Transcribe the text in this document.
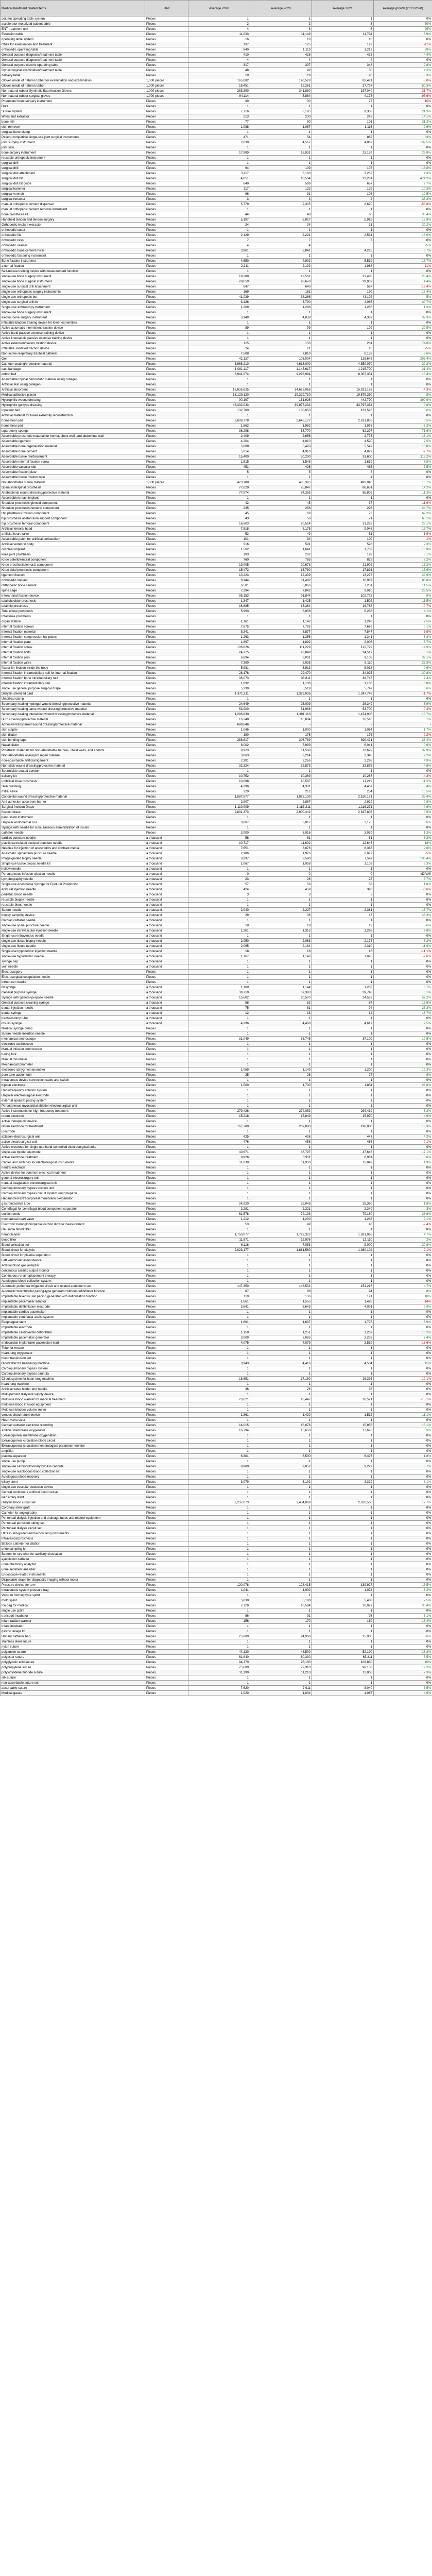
Medical treatment related items	Unit	Average 2020	Average 2020	Average 2021	Average growth (2021/2020)
column operating table system	Pieces	1	1	1	0%
accelerator motorized patient table	Pieces	2	2	3	50%
ENT treatment unit	Pieces	4	3	5	25%
Extension table	Pieces	11,033	11,149	11,794	6.9%
operating table system	Pieces	16	18	16	0%
Chair for examination and treatment	Pieces	137	125	122	-11%
orthopedic operating table	Pieces	940	1,119	1,213	29%
General purpose diagnosis/treatment table	Pieces	410	418	428	4.4%
General purpose diagnosis/treatment table	Pieces	4	4	4	0%
General purpose electric operating table	Pieces	317	307	348	9.8%
Gynecological examination/treatment table	Pieces	48	49	50	4.2%
delivery table	Pieces	19	19	20	5.3%
Gloves made of natural rubber for examination and examination	1,000 pieces	165,082	190,528	82,421	-50%
Gloves made of natural rubber	1,000 pieces	18,451	12,261	27,737	50.3%
Non-natural rubber Synthetic Examination Gloves	1,000 pieces	288,390	341,880	197,040	-31.7%
Non-natural rubber surgical gloves	1,000 pieces	94,114	5,884	4,173	-95.6%
Pneumatic bone surgery instrument	Pieces	30	30	27	-10%
Dura	Pieces	1	1	1	0%
Suture system	Pieces	7,716	8,195	9,363	21.3%
Wires and extractor	Pieces	213	230	243	14.1%
bone mill	Pieces	77	90	101	31.2%
skin remover	Pieces	1,088	1,087	1,116	2.6%
surgical bone clamp	Pieces	1	1	1	0%
Patient-compatible single-use joint surgical instruments	Pieces	471	54	862	83%
joint surgery instrument	Pieces	2,030	4,567	4,862	139.5%
joint saw	Pieces	1	1	1	0%
bone surgery instrument	Pieces	17,980	16,931	23,159	28.8%
reusable orthopedic instrument	Pieces	1	1	1	0%
surgical drill	Pieces	1	1	1	0%
surgical drill	Pieces	94	109	107	13.8%
surgical drill attachment	Pieces	3,117	3,183	3,252	4.3%
surgical drill bit	Pieces	4,051	18,564	23,261	474.2%
surgical drill bit guide	Pieces	640	599	657	2.7%
surgical hammer	Pieces	117	123	129	10.3%
surgical wrench	Pieces	96	91	108	12.5%
surgical retractor	Pieces	3	3	4	33.3%
manual orthopedic cement dispenser	Pieces	5,779	2,305	2,670	-53.8%
manual orthopedic cement removal instrument	Pieces	1	1	1	0%
bone prosthesis kit	Pieces	44	48	60	36.4%
Handheld tendon and tendon surgery	Pieces	5,197	6,017	5,919	13.9%
Orthopedic implant extractor	Pieces	24	34	31	29.2%
orthopedic cutter	Pieces	1	1	1	0%
orthopedic file	Pieces	2,129	2,221	2,531	18.9%
orthopedic rasp	Pieces	7	7	7	0%
orthopedic reamer	Pieces	4	4	5	25%
orthopedic bone cement mixer	Pieces	3,961	3,841	4,225	6.7%
orthopedic fastening instrument	Pieces	1	1	1	0%
Bone fixation instrument	Pieces	4,650	4,902	5,519	18.7%
external fixation	Pieces	2,211	2,192	1,968	-11%
Self-rescue training device with measurement function	Pieces	1	1	1	0%
single-use bone surgery instrument	Pieces	18,288	19,561	23,480	28.4%
single-use bone surgical instrument	Pieces	28,659	28,670	29,932	4.4%
single-use surgical drill attachment	Pieces	647	640	567	-12.4%
single-use orthopedic surgery instruments	Pieces	169	181	190	12.4%
single-use orthopedic bur	Pieces	41,039	38,266	43,102	5%
single-use surgical drill bit	Pieces	3,126	3,790	4,085	30.7%
Single-use arthroscopy instrument	Pieces	1,269	1,288	1,286	1.3%
single-use bone surgery instrument	Pieces	1	1	1	0%
electric bone surgery instrument	Pieces	3,149	4,038	4,387	39.3%
Inflatable bladder training device for lower extremities	Pieces	1	1	1	0%
Active automatic intermittent traction device	Pieces	89	99	109	22.5%
Active hand passive exercise training device	Pieces	1	1	1	0%
Active knee/ankle passive exercise training device	Pieces	1	1	1	0%
Active extension/flexion rotation device	Pieces	115	150	201	74.8%
Inflatable solidified traction device	Pieces	24	21	18	-25%
Non-active respiratory tracheal catheter	Pieces	7,508	7,810	8,152	8.6%
Gel	Pieces	42,127	103,004	128,645	205.4%
Catheter coating/protective material	Pieces	3,968,210	4,613,000	4,850,070	22.2%
cast bandage	Pieces	1,001,117	1,145,617	1,215,700	21.4%
cotton ball	Pieces	6,941,574	9,293,994	8,007,351	15.4%
Absorbable topical hemostatic material using collagen	Pieces	1	1	1	0%
Artificial skin using collagen	Pieces	1	1	1	0%
Artificial absorbent	Pieces	16,635,625	14,672,066	15,921,183	-4.3%
Medical adhesive plaster	Pieces	18,129,120	19,329,710	19,579,250	8%
Hydrophilic wound dressing	Pieces	90,197	161,926	442,790	390.9%
Hydrophilic gel type dressing	Pieces	43,432,033	39,977,234	43,797,354	0.8%
Inpatient bed	Pieces	132,700	130,050	133,526	0.6%
Artificial material for lower extremity reconstruction	Pieces	1	1	1	0%
home hear pad	Pieces	2,608,778	2,646,177	2,621,836	0.5%
home hear pad	Pieces	1,862	1,962	1,978	6.2%
laparotomy sponge	Pieces	36,298	53,770	62,297	71.6%
Absorbable prosthetic material for hernia, chest wall, and abdominal wall	Pieces	2,409	2,656	2,773	15.1%
Absorbable ligament	Pieces	4,204	4,010	4,520	7.5%
Absorbable bone regeneration material	Pieces	5,008	5,420	5,549	10.8%
Absorbable bone cement	Pieces	5,014	4,910	4,879	-2.7%
Absorbable tissue reinforcement	Pieces	15,400	30,290	33,600	118.2%
Absorbable internal fixation screw	Pieces	1,515	1,548	1,619	6.9%
Absorbable vascular clip	Pieces	451	426	485	7.5%
Absorbable fixation plate	Pieces	5	5	5	0%
Absorbable tissue fixation tape	Pieces	1	1	1	0%
Not absorbable suture material	1,000 pieces	423,188	485,395	493,946	16.7%
Spinal interspinal prosthesis	Pieces	77,620	75,847	88,651	14.2%
Antibacterial wound dressing/protective material	Pieces	77,974	84,365	86,805	11.3%
Absorbable breast implant	Pieces	1	1	1	0%
Shoulder prosthesis glenoid component	Pieces	42	45	37	-11.9%
Shoulder prosthesis humeral component	Pieces	235	258	293	24.7%
Hip prosthesis fixation component	Pieces	45	69	73	62.2%
hip prosthesis acetabulum support component	Pieces	43	56	71	65.1%
hip prosthesis femoral component	Pieces	16,603	20,524	21,262	28.1%
Artificial femoral head	Pieces	7,818	8,175	9,046	15.7%
artificial heart valve	Pieces	52	49	51	-1.9%
Absorbable patch for artificial pericardium	Pieces	101	94	100	-1%
Artificial vertebral body	Pieces	516	591	528	2.3%
cochlear implant	Pieces	1,562	1,641	1,733	10.9%
knee joint prosthesis	Pieces	193	202	199	3.1%
Knee patellofemoral component	Pieces	760	785	822	8.2%
Knee prosthesis/femoral component	Pieces	19,005	20,673	21,902	15.2%
Knee tibial prosthesis component	Pieces	15,472	16,780	17,891	15.6%
ligament fixation	Pieces	10,223	12,339	13,275	29.9%
orthopedic implant	Pieces	9,144	11,482	16,987	85.8%
Orthopedic bone cement	Pieces	6,501	6,866	7,251	11.5%
spine cage	Pieces	7,294	7,842	9,010	23.5%
Interarterial fixation device	Pieces	95,153	91,844	102,728	8%
total shoulder prosthesis	Pieces	1,347	1,425	1,502	11.5%
total hip prosthesis	Pieces	16,885	15,364	16,768	-0.7%
Total elbow prosthesis	Pieces	5,993	6,058	6,238	4.1%
total knee prosthesis	Pieces	1	1	1	0%
organ fixation	Pieces	1,161	1,142	1,248	7.5%
internal fixation screws	Pieces	7,675	7,785	7,686	0.1%
Internal fixation material	Pieces	8,341	8,877	7,847	-5.9%
Internal fixation compression hip plates	Pieces	1,263	1,356	1,341	6.2%
internal fixation plate	Pieces	1,897	1,892	2,006	5.7%
internal fixation screw	Pieces	106,826	111,229	122,729	14.9%
internal fixation bolts	Pieces	24,275	23,849	24,517	1%
internal fixation pins	Pieces	6,894	8,001	9,108	32.1%
internal fixation wires	Pieces	7,390	8,035	9,110	23.3%
fixator for fixation inside the body	Pieces	5,981	5,913	6,018	0.6%
Internal fixation intramedullary nail for internal fixation	Pieces	28,178	29,470	34,025	20.8%
Internal fixation bone intramedullary nail	Pieces	36,073	38,811	38,746	7.4%
Internal fixation intramedullary nail	Pieces	1,092	1,106	1,166	6.8%
single use general purpose surgical drape	Pieces	5,390	5,519	5,747	6.6%
Dialysis sterilized card	Pieces	1,371,211	1,329,036	1,347,748	-1.7%
Umbilical clamp	Pieces	1	1	1	0%
Secondary healing hydrogel wound dressing/protective material	Pieces	24,649	26,099	26,349	6.9%
Secondary healing lance wound dressing/protective material	Pieces	53,900	51,968	53,700	-0.4%
Secondary healing interaction wound dressing/protective material	Pieces	1,296,830	1,391,116	1,474,906	13.7%
Burn covering/protective material	Pieces	16,348	16,804	16,510	1%
Adhesive transparent wound dressing/protective material	Pieces	699,646	-	-	-
skin stapler	Pieces	1,046	1,000	1,064	1.7%
skin dilator	Pieces	180	176	176	-2.2%
skin bonding tape	Pieces	288,617	306,789	399,421	38.4%
Nasal dilator	Pieces	6,002	5,999	6,041	0.6%
Prosthetic materials for non-absorbable hernias, chest walls, and abdomi	Pieces	9,923	11,580	13,679	37.9%
Non-absorbable aneurysm repair material	Pieces	3,063	3,214	3,346	9.2%
non-absorbable artificial ligament	Pieces	2,191	2,266	2,298	4.9%
Non-stick wound dressing/protective material	Pieces	32,324	32,873	33,875	4.8%
Spermicide-coated condom	Pieces	1	1	1	0%
delivery kit	Pieces	10,752	10,369	10,287	-4.3%
umbilical knee prosthesis	Pieces	10,088	10,587	11,219	11.2%
Skin dressing	Pieces	4,296	4,331	4,467	4%
mitral valve	Pieces	220	212	254	15.5%
Cotton-like wound dressing/protective material	Pieces	1,587,577	1,972,139	2,150,171	35.4%
Anti-adhesion absorbent barrier	Pieces	2,907	2,867	2,929	0.8%
Surgical Incision Drape	Pieces	1,110,009	1,183,211	1,116,271	0.6%
fixation brace	Pieces	2,801,373	2,900,442	2,827,808	0.9%
percussion instrument	Pieces	1	1	1	0%
Unipolar endometrial coil	Pieces	3,007	3,017	3,175	5.6%
Syringe with needle for subcutaneous administration of insulin	Pieces	1	1	1	0%
catheter needle	Pieces	3,000	3,016	3,039	1.3%
cardiac puncture needle	a thousand	58	61	61	5.2%
plastic cannulated skeletal puncture needle	a thousand	10,717	11,602	12,646	18%
Needles for injection of anesthetics and contrast media	a thousand	7,651	8,076	8,383	9.6%
Anesthetic spinal/dura puncture needle	a thousand	2,186	1,926	2,077	-5%
Image-guided biopsy needle	a thousand	3,297	3,590	7,597	130.4%
Single-use tissue biopsy needle kit	a thousand	1,067	1,058	1,102	3.3%
hollow needle	a thousand	1	1	1	0%
Percutaneous infusion ejection needle	a thousand	0	0	0	#DIV/0!
Lymphography needle	a thousand	23	26	25	8.7%
Single-use Anesthesia Syringe for Epidural Positioning	a thousand	57	59	58	1.8%
epidural injection needle	a thousand	424	459	396	-6.6%
pediatric blood needle	a thousand	3	3	3	0%
reusable biopsy needle	a thousand	1	1	1	0%
reusable blunt needle	a thousand	1	1	1	0%
Suture needle	a thousand	2,040	2,227	2,361	15.7%
biopsy sampling device	a thousand	29	36	43	48.3%
Cardiac catheter needle	a thousand	1	1	1	0%
single-use spinal puncture needle	a thousand	18	19	19	5.6%
single-use intravascular injection needle	a thousand	1,261	1,315	1,296	2.8%
Single-use intravenous needle	a thousand	1	1	1	0%
single-use tissue biopsy needle	a thousand	2,050	2,063	2,178	6.2%
single-use fistula needle	a thousand	2,065	2,164	2,310	11.9%
Single-use hypodermic injection needle	a thousand	18	16	16	-11.1%
single-use hypodermic needle	a thousand	1,167	1,146	1,078	-7.6%
syringe cap	a thousand	1	1	1	0%
vein needle	a thousand	1	1	1	0%
Electrosurgery	Pieces	1	1	1	0%
Electrosurgical coagulation needle	Pieces	1	1	1	0%
introducer needle	Pieces	1	1	1	0%
fill syringe	a thousand	1,160	1,144	1,203	3.7%
General purpose syringe	a thousand	39,710	37,393	39,748	0.1%
Syringe with general-purpose needle	a thousand	15,602	20,570	24,532	57.2%
General purpose cleaning syringe	a thousand	58	62	67	15.5%
dental injection needle	a thousand	75	81	94	25.3%
dental syringe	a thousand	12	13	14	16.7%
tracheostomy tube	a thousand	1	1	1	0%
insulin syringe	a thousand	4,296	4,468	4,617	7.5%
Medical syringe pump	Pieces	1	1	1	0%
Suture needle insertion needle	Pieces	1	1	1	0%
mechanical stethoscope	Pieces	31,049	36,745	37,109	19.5%
electronic stethoscope	Pieces	1	1	1	0%
Manual infusion stethoscope	Pieces	1	1	1	0%
tuning fork	Pieces	1	1	1	0%
Manual tonometer	Pieces	1	1	1	0%
Mechanical tonometer	Pieces	1	1	1	0%
electronic sphygmomanometer	Pieces	1,069	1,149	1,200	12.3%
pure tone audiometer	Pieces	25	26	27	8%
Intravenous device connection cable and switch	Pieces	1	1	1	0%
bipolar electrode	Pieces	1,500	1,700	1,854	23.6%
Radiofrequency ablation system	Pieces	1	1	1	0%
Unipolar electrosurgical electrode	Pieces	1	1	1	0%
external epidural pacing system	Pieces	1	1	1	0%
Percutaneous myocardial ablation electrosurgical unit	Pieces	1	1	1	0%
Active instruments for high-frequency treatment	Pieces	279,426	274,052	299,419	7.2%
return electrode	Pieces	15,218	15,849	15,970	4.9%
active therapeutic device	Pieces	1	1	1	0%
return electrode for treatment	Pieces	167,700	207,800	190,000	13.3%
Electrode	Pieces	1	1	1	0%
ablation electrosurgical unit	Pieces	425	426	443	4.2%
active electrosurgical unit	Pieces	476	458	466	-2.1%
Active electrode for single-use hand-controlled electrosurgical units	Pieces	1	1	1	0%
single-use bipolar electrode	Pieces	40,671	46,797	47,646	17.1%
active electrode treatment	Pieces	8,926	8,911	8,981	0.6%
Cables and switches for electrosurgical instruments	Pieces	11,830	11,930	12,049	1.9%
neutral electrode	Pieces	1	1	1	0%
Active device for common electrical treatment	Pieces	1	1	1	0%
general electrosurgery unit	Pieces	1	1	1	0%
manual coagulation electrosurgical unit	Pieces	1	1	1	0%
Cardiopulmonary bypass suction unit	Pieces	1	1	1	0%
Cardiopulmonary bypass circuit system using heparin	Pieces	1	1	1	0%
Heparinized extracorporeal membrane oxygenator	Pieces	1	1	1	0%
gastrointestinal tube	Pieces	24,920	25,045	25,380	1.8%
Centrifugal for centrifugal blood component separator	Pieces	2,281	2,321	2,349	3%
suction bottle	Pieces	61,578	74,193	79,180	28.6%
mechanical heart valve	Pieces	1,212	1,200	1,238	2.1%
Electronic hemoglobin/partial carbon dioxide measurement	Pieces	53	49	48	-9.4%
Reusable blood filter	Pieces	1	1	1	0%
hemodialyzer	Pieces	1,750,077	1,722,323	1,831,968	4.7%
blood filter	Pieces	11,871	12,076	12,110	2%
Blood collection set	Pieces	6,116	7,053	8,000	30.8%
Blood circuit for dialysis	Pieces	2,023,177	1,861,560	1,980,104	-2.1%
Blood circuit for plasma separation	Pieces	1	1	1	0%
Left ventricular assist device	Pieces	1	1	1	0%
Arterial blood gas analyzer	Pieces	1	1	1	0%
continuous cardiac output monitor	Pieces	1	1	1	0%
Continuous renal replacement therapy	Pieces	1	1	1	0%
Autologous blood collection system	Pieces	1	1	1	0%
Automatic peritoneal irrigation circuit and related equipment set	Pieces	147,350	148,504	154,215	4.7%
Automatic biventricular pacing-type generator without defibrillator function	Pieces	87	89	94	8%
Implantable biventricular pacing generator with defibrillation function	Pieces	110	136	121	10%
implantable pacemaker adaptor	Pieces	1,661	1,555	1,428	-14%
Implantable defibrillation electrode	Pieces	3,641	3,643	4,001	9.9%
implantable cardiac pacemaker	Pieces	1	1	1	0%
implantable ventricular assist system	Pieces	1	1	1	0%
Esophageal stent	Pieces	1,661	1,697	1,775	6.9%
Implantable electrode	Pieces	1	1	1	0%
Implantable cardioverter defibrillator	Pieces	1,150	1,251	1,267	10.2%
Implantable pacemaker generator	Pieces	3,009	3,085	3,233	7.4%
endocardial implantable pacemaker lead	Pieces	4,075	4,079	3,519	-13.6%
Tube for rescue	Pieces	1	1	1	0%
heart-lung oxygenator	Pieces	1	1	1	0%
blood transfusion set	Pieces	1	1	1	0%
Blood filter for heart-lung machine	Pieces	3,943	4,416	4,534	15%
Cardiopulmonary bypass system	Pieces	1	1	1	0%
Cardiopulmonary bypass cannula	Pieces	1	1	1	0%
Circuit system for heart-lung machine	Pieces	18,651	17,160	16,395	-12.1%
heart-lung machine	Pieces	1	1	1	0%
Artificial valve holder and handle	Pieces	36	26	36	0%
Multi-percent dialysate supply device	Pieces	1	1	1	0%
Multi-use blood warmer for medical treatment	Pieces	23,621	18,447	20,521	-13.1%
multi-use blood infusion equipment	Pieces	1	1	1	0%
Multi-use bladder volume meter	Pieces	1	1	1	0%
venous blood return device	Pieces	1,361	1,420	1,512	11.1%
Heart valve sizer	Pieces	1	1	1	0%
Cardiac catheter electrode recording	Pieces	14,015	16,076	15,856	13.1%
artificial membrane oxygenator	Pieces	16,794	15,658	17,676	5.3%
Extracorporeal membrane oxygenation	Pieces	1	1	1	0%
Extracorporeal circulation blood circuit	Pieces	1	1	1	0%
Extracorporeal circulation hematological parameter monitor	Pieces	1	1	1	0%
amplifier	Pieces	1	1	1	0%
plasma separator	Pieces	6,381	6,500	6,497	1.8%
single use pump	Pieces	1	1	1	0%
single-use cardiopulmonary bypass cannula	Pieces	8,900	9,052	9,227	3.7%
single-use autologous blood collection kit	Pieces	1	1	1	0%
Autologous blood recovery	Pieces	1	1	1	0%
biliary stent	Pieces	3,079	3,192	3,329	8.1%
single-use vascular occlusion device	Pieces	1	1	1	0%
Central continuous artificial blood vessel	Pieces	1	1	1	0%
iliac artery stent	Pieces	1	1	1	0%
Dialysis blood circuit set	Pieces	2,237,073	2,484,069	2,632,500	17.7%
Coronary stent graft	Pieces	1	1	1	0%
Catheter for angiography	Pieces	1	1	1	0%
Peritoneal dialysis injection and drainage tubes and related equipment	Pieces	1	1	1	0%
Peritoneal perfusion tubing set	Pieces	1	1	1	0%
Peritoneal dialysis circuit set	Pieces	1	1	1	0%
Ultrasound-guided endoscopic lung instruments	Pieces	1	1	1	0%
Intravesical prosthesis	Pieces	1	1	1	0%
Balloon catheter for dilation	Pieces	1	1	1	0%
urine sampling kit	Pieces	1	1	1	0%
Bottom for stretcher for auxiliary circulation	Pieces	1	1	1	0%
ejaculation catheter	Pieces	1	1	1	0%
urine chemistry analyzer	Pieces	1	1	1	0%
urine sediment analyzer	Pieces	1	1	1	0%
Endoscope-related instruments	Pieces	1	1	1	0%
Disposable drape for diagnostic imaging without motor	Pieces	1	1	1	0%
Pressure device for arm	Pieces	120,078	128,415	139,927	16.5%
Intravenous system pressure bag	Pieces	1,011	1,030	1,074	6.2%
Vacuum forming type splint	Pieces	1	1	1	0%
mold splint	Pieces	5,030	5,180	5,408	7.5%
Ice bag for medical	Pieces	7,729	10,584	10,077	30.4%
single use splint	Pieces	1	1	1	0%
transport incubator	Pieces	86	91	93	8.1%
infant radiant warmer	Pieces	156	170	180	15.4%
Infant incubator	Pieces	1	1	1	0%
gastric lavage kit	Pieces	1	1	1	0%
Urinary catheter bag	Pieces	25,000	24,900	25,900	3.6%
stainless steel suture	Pieces	1	1	1	0%
nylon suture	Pieces	1	1	1	0%
polyamide suture	Pieces	44,120	48,500	52,190	18.3%
polyester suture	Pieces	61,840	60,330	65,211	5.5%
polyglycolic acid suture	Pieces	94,370	96,180	103,830	10%
polypropylene suture	Pieces	75,600	79,310	90,150	19.2%
polyvinylidene fluoride suture	Pieces	11,190	11,210	12,006	7.3%
silk suture	Pieces	1	1	1	0%
non-absorbable suture set	Pieces	1	1	1	0%
absorbable suture	Pieces	7,620	7,911	8,040	5.5%
Medical gauze	Pieces	1,020	1,004	1,067	4.6%
